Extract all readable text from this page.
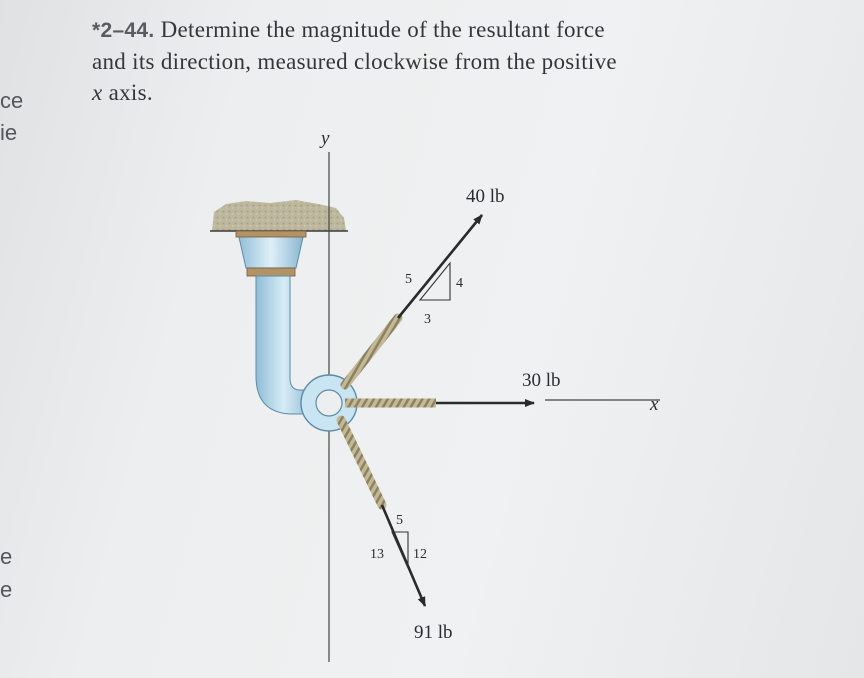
ce
ie
e
e
*2–44. Determine the magnitude of the resultant force
and its direction, measured clockwise from the positive
x axis.
y
40 lb
5	4
3
30 lb
x
91 lb
5
13 12
